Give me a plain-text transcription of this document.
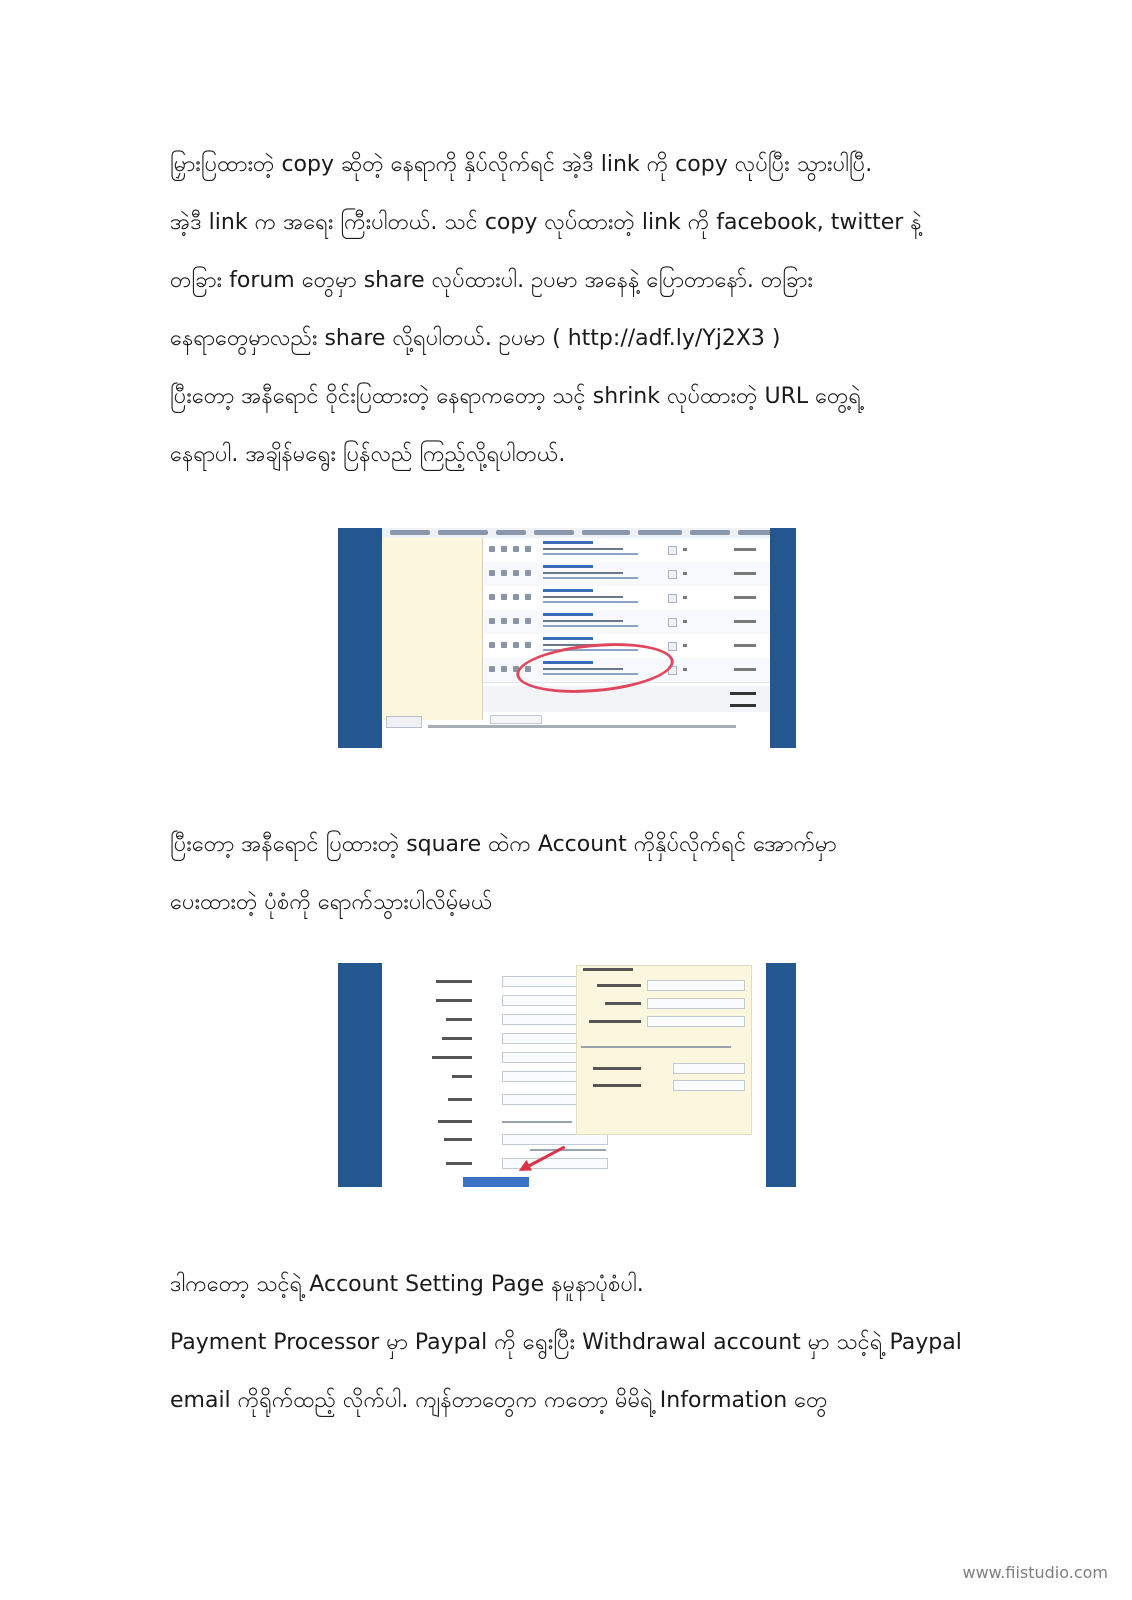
မြှားပြထားတဲ့ copy ဆိုတဲ့ နေရာကို နှိပ်လိုက်ရင် အဲ့ဒီ link ကို copy လုပ်ပြီး သွားပါပြီ.
အဲ့ဒီ link က အရေး ကြီးပါတယ်. သင် copy လုပ်ထားတဲ့ link ကို facebook, twitter နဲ့
တခြား forum တွေမှာ share လုပ်ထားပါ. ဥပမာ အနေနဲ့ ပြောတာနော်. တခြား
နေရာတွေမှာလည်း share လို့ရပါတယ်. ဥပမာ ( http://adf.ly/Yj2X3 )
ပြီးတော့ အနီရောင် ဝိုင်းပြထားတဲ့ နေရာကတော့ သင့် shrink လုပ်ထားတဲ့ URL တွေ့ရဲ့
နေရာပါ. အချိန်မရွေး ပြန်လည် ကြည့်လို့ရပါတယ်.
ပြီးတော့ အနီရောင် ပြထားတဲ့ square ထဲက Account ကိုနှိပ်လိုက်ရင် အောက်မှာ
ပေးထားတဲ့ ပုံစံကို ရောက်သွားပါလိမ့်မယ်
ဒါကတော့ သင့်ရဲ့ Account Setting Page နမူနာပုံစံပါ.
Payment Processor မှာ Paypal ကို ရွေးပြီး Withdrawal account မှာ သင့်ရဲ့ Paypal
email ကိုရိုက်ထည့် လိုက်ပါ. ကျန်တာတွေက ကတော့ မိမိရဲ့ Information တွေ
www.fiistudio.com
